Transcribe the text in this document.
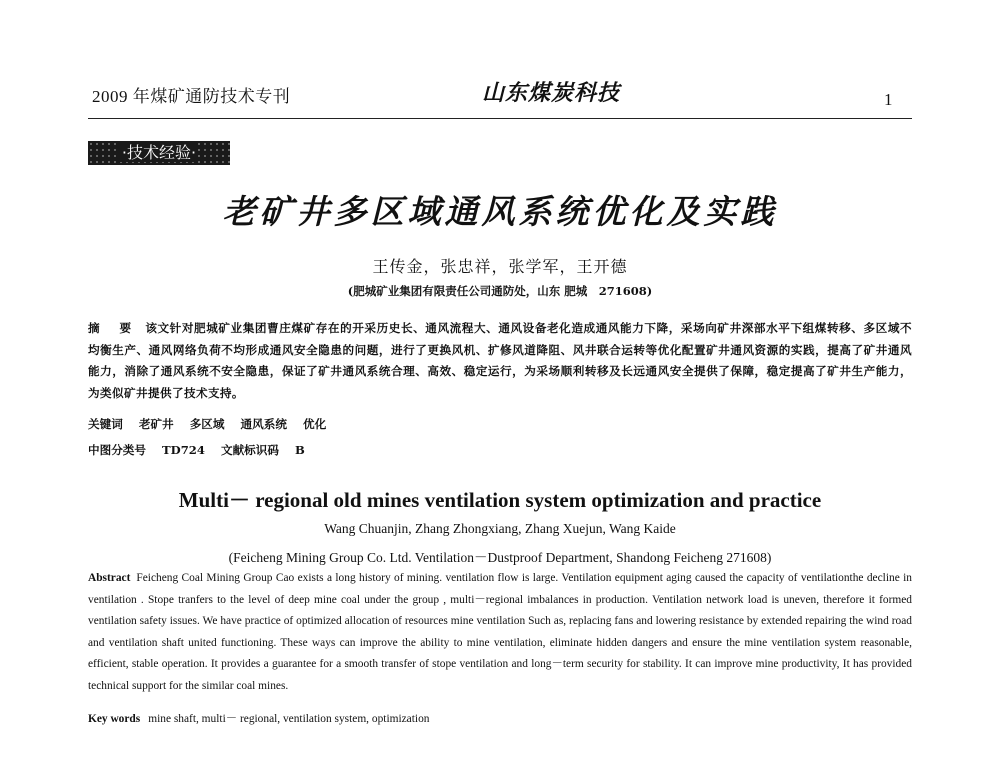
2009 年煤矿通防技术专刊	山东煤炭科技	1
·技术经验·
老矿井多区域通风系统优化及实践
王传金，张忠祥，张学军，王开德
(肥城矿业集团有限责任公司通防处，山东 肥城　271608)
摘　要 该文针对肥城矿业集团曹庄煤矿存在的开采历史长、通风流程大、通风设备老化造成通风能力下降，采场向矿井深部水平下组煤转移、多区域不均衡生产、通风网络负荷不均形成通风安全隐患的问题，进行了更换风机、扩修风道降阻、风井联合运转等优化配置矿井通风资源的实践，提高了矿井通风能力，消除了通风系统不安全隐患，保证了矿井通风系统合理、高效、稳定运行，为采场顺利转移及长远通风安全提供了保障，稳定提高了矿井生产能力，为类似矿井提供了技术支持。
关键词 老矿井 多区域 通风系统 优化
中图分类号 TD724 文献标识码 B
Multi－ regional old mines ventilation system optimization and practice
Wang Chuanjin, Zhang Zhongxiang, Zhang Xuejun, Wang Kaide
(Feicheng Mining Group Co. Ltd. Ventilation－Dustproof Department, Shandong Feicheng 271608)
Abstract Feicheng Coal Mining Group Cao exists a long history of mining. ventilation flow is large. Ventilation equipment aging caused the capacity of ventilationthe decline in ventilation . Stope tranfers to the level of deep mine coal under the group , multi－regional imbalances in production. Ventilation network load is uneven, therefore it formed ventilation safety issues. We have practice of optimized allocation of resources mine ventilation Such as, replacing fans and lowering resistance by extended repairing the wind road and ventilation shaft united functioning. These ways can improve the ability to mine ventilation, eliminate hidden dangers and ensure the mine ventilation system reasonable, efficient, stable operation. It provides a guarantee for a smooth transfer of stope ventilation and long－term security for stability. It can improve mine productivity, It has provided technical support for the similar coal mines.
Key words mine shaft, multi－ regional, ventilation system, optimization
